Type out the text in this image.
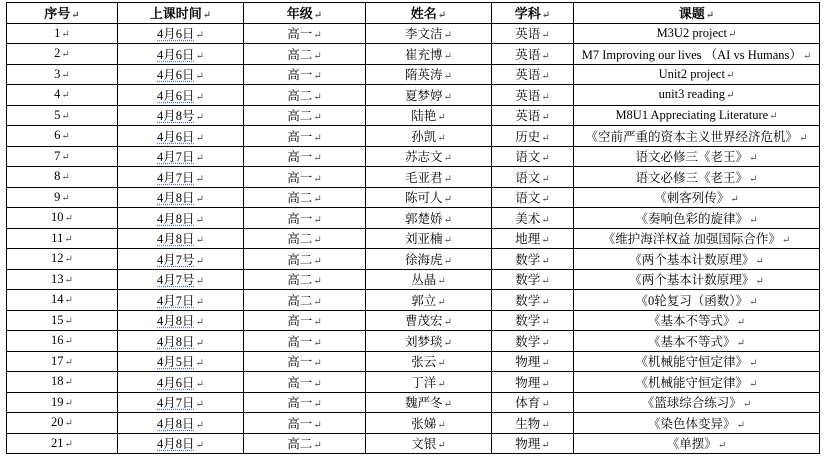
序号↵	上课时间↵	年级↵	姓名↵	学科↵	课题↵
1↵	4月6日↵	高一↵	李文洁↵	英语↵	M3U2 project↵
2↵	4月6日↵	高二↵	崔充博↵	英语↵	M7 Improving our lives （AI vs Humans）↵
3↵	4月6日↵	高一↵	隋英涛↵	英语↵	Unit2 project↵
4↵	4月6日↵	高二↵	夏梦婷↵	英语↵	unit3 reading↵
5↵	4月8号↵	高二↵	陆艳↵	英语↵	M8U1 Appreciating Literature↵
6↵	4月6日↵	高一↵	孙凯↵	历史↵	《空前严重的资本主义世界经济危机》↵
7↵	4月7日↵	高一↵	苏志文↵	语文↵	语文必修三《老王》↵
8↵	4月7日↵	高一↵	毛亚君↵	语文↵	语文必修三《老王》↵
9↵	4月8日↵	高二↵	陈可人↵	语文↵	《刺客列传》↵
10↵	4月8日↵	高一↵	郭楚娇↵	美术↵	《奏响色彩的旋律》↵
11↵	4月8日↵	高二↵	刘亚楠↵	地理↵	《维护海洋权益 加强国际合作》↵
12↵	4月7号↵	高二↵	徐海虎↵	数学↵	《两个基本计数原理》↵
13↵	4月7号↵	高二↵	丛晶↵	数学↵	《两个基本计数原理》↵
14↵	4月7日↵	高二↵	郭立↵	数学↵	《0轮复习（函数）》↵
15↵	4月8日↵	高一↵	曹茂宏↵	数学↵	《基本不等式》↵
16↵	4月8日↵	高一↵	刘梦琰↵	数学↵	《基本不等式》↵
17↵	4月5日↵	高一↵	张云↵	物理↵	《机械能守恒定律》↵
18↵	4月6日↵	高一↵	丁洋↵	物理↵	《机械能守恒定律》↵
19↵	4月7日↵	高一↵	魏严冬↵	体育↵	《篮球综合练习》↵
20↵	4月8日↵	高一↵	张娣↵	生物↵	《染色体变异》↵
21↵	4月8日↵	高二↵	文银↵	物理↵	《单摆》↵
